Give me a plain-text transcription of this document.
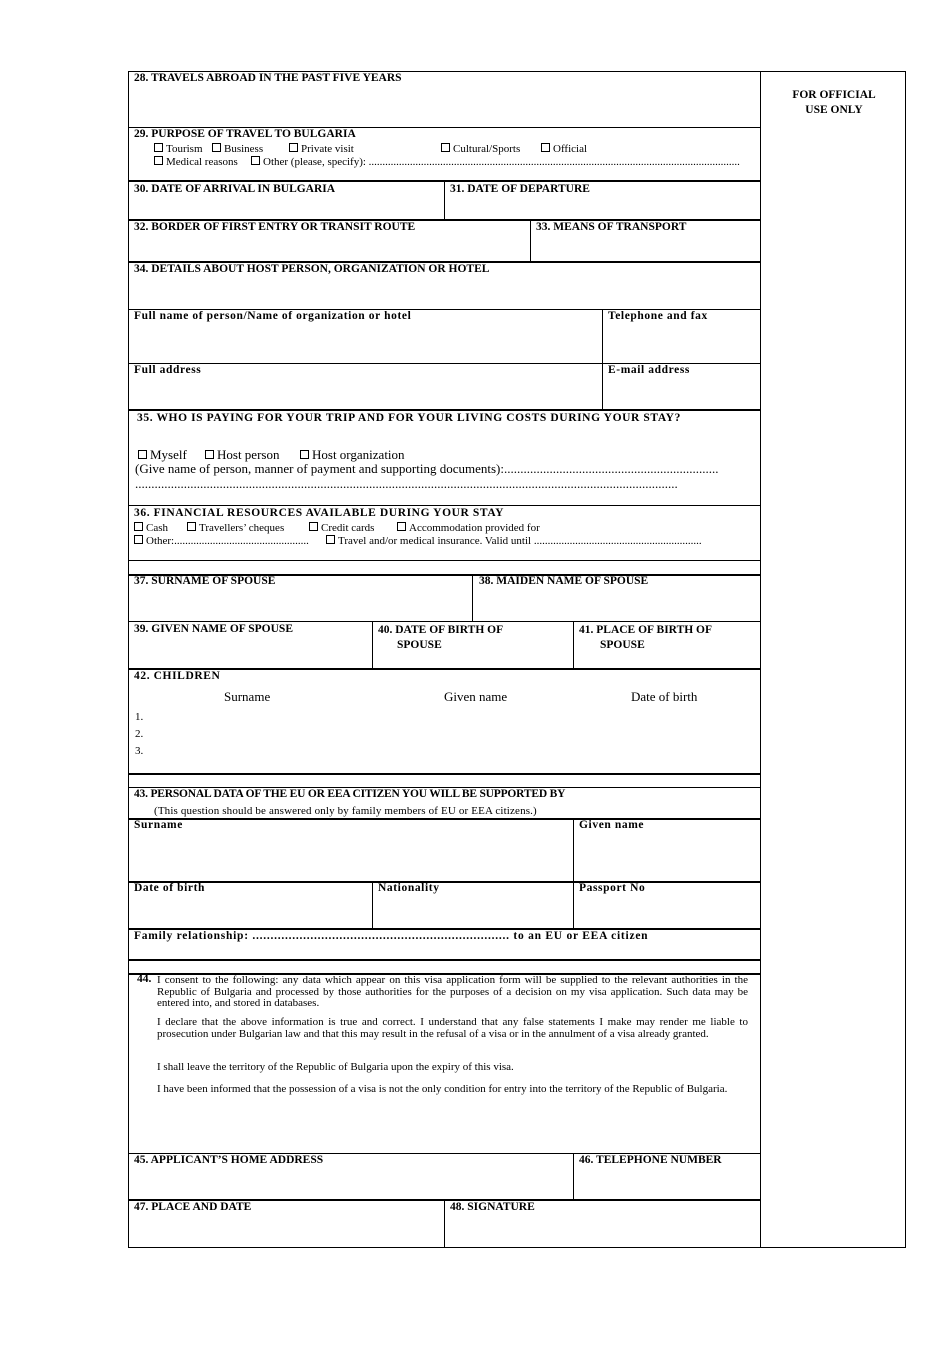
FOR OFFICIAL
USE ONLY
28. TRAVELS ABROAD IN THE PAST FIVE YEARS
29. PURPOSE OF TRAVEL TO BULGARIA
Tourism	Business	Private visit	Cultural/Sports	Official
Medical reasons	Other (please, specify): .......................................................................................................................................
30. DATE OF ARRIVAL IN BULGARIA	31. DATE OF DEPARTURE
32. BORDER OF FIRST ENTRY OR TRANSIT ROUTE	33. MEANS OF TRANSPORT
34. DETAILS ABOUT HOST PERSON, ORGANIZATION OR HOTEL
Full name of person/Name of organization or hotel	Telephone and fax
Full address	E-mail address
35. WHO IS PAYING FOR YOUR TRIP AND FOR YOUR LIVING COSTS DURING YOUR STAY?
Myself	Host person	Host organization
(Give name of person, manner of payment and supporting documents):..................................................................
.......................................................................................................................................................................
36. FINANCIAL RESOURCES AVAILABLE DURING YOUR STAY
Cash	Travellers’ cheques	Credit cards	Accommodation provided for
Other:.................................................	Travel and/or medical insurance. Valid until .............................................................
37. SURNAME OF SPOUSE	38. MAIDEN NAME OF SPOUSE
39. GIVEN NAME OF SPOUSE	40. DATE OF BIRTH OF
SPOUSE
41. PLACE OF BIRTH OF
SPOUSE
42. CHILDREN
Surname	Given name	Date of birth
1.
2.
3.
43. PERSONAL DATA OF THE EU OR EEA CITIZEN YOU WILL BE SUPPORTED BY
(This question should be answered only by family members of EU or EEA citizens.)
Surname	Given name
Date of birth	Nationality	Passport No
Family relationship: ....................................................................... to an EU or EEA citizen
44. I consent to the following: any data which appear on this visa application form will be supplied to the relevant authorities in the Republic of Bulgaria and processed by those authorities for the purposes of a decision on my visa application. Such data may be entered into, and stored in databases.
I declare that the above information is true and correct. I understand that any false statements I make may render me liable to prosecution under Bulgarian law and that this may result in the refusal of a visa or in the annulment of a visa already granted.
I shall leave the territory of the Republic of Bulgaria upon the expiry of this visa.
I have been informed that the possession of a visa is not the only condition for entry into the territory of the Republic of Bulgaria.
45. APPLICANT’S HOME ADDRESS	46. TELEPHONE NUMBER
47. PLACE AND DATE	48. SIGNATURE
